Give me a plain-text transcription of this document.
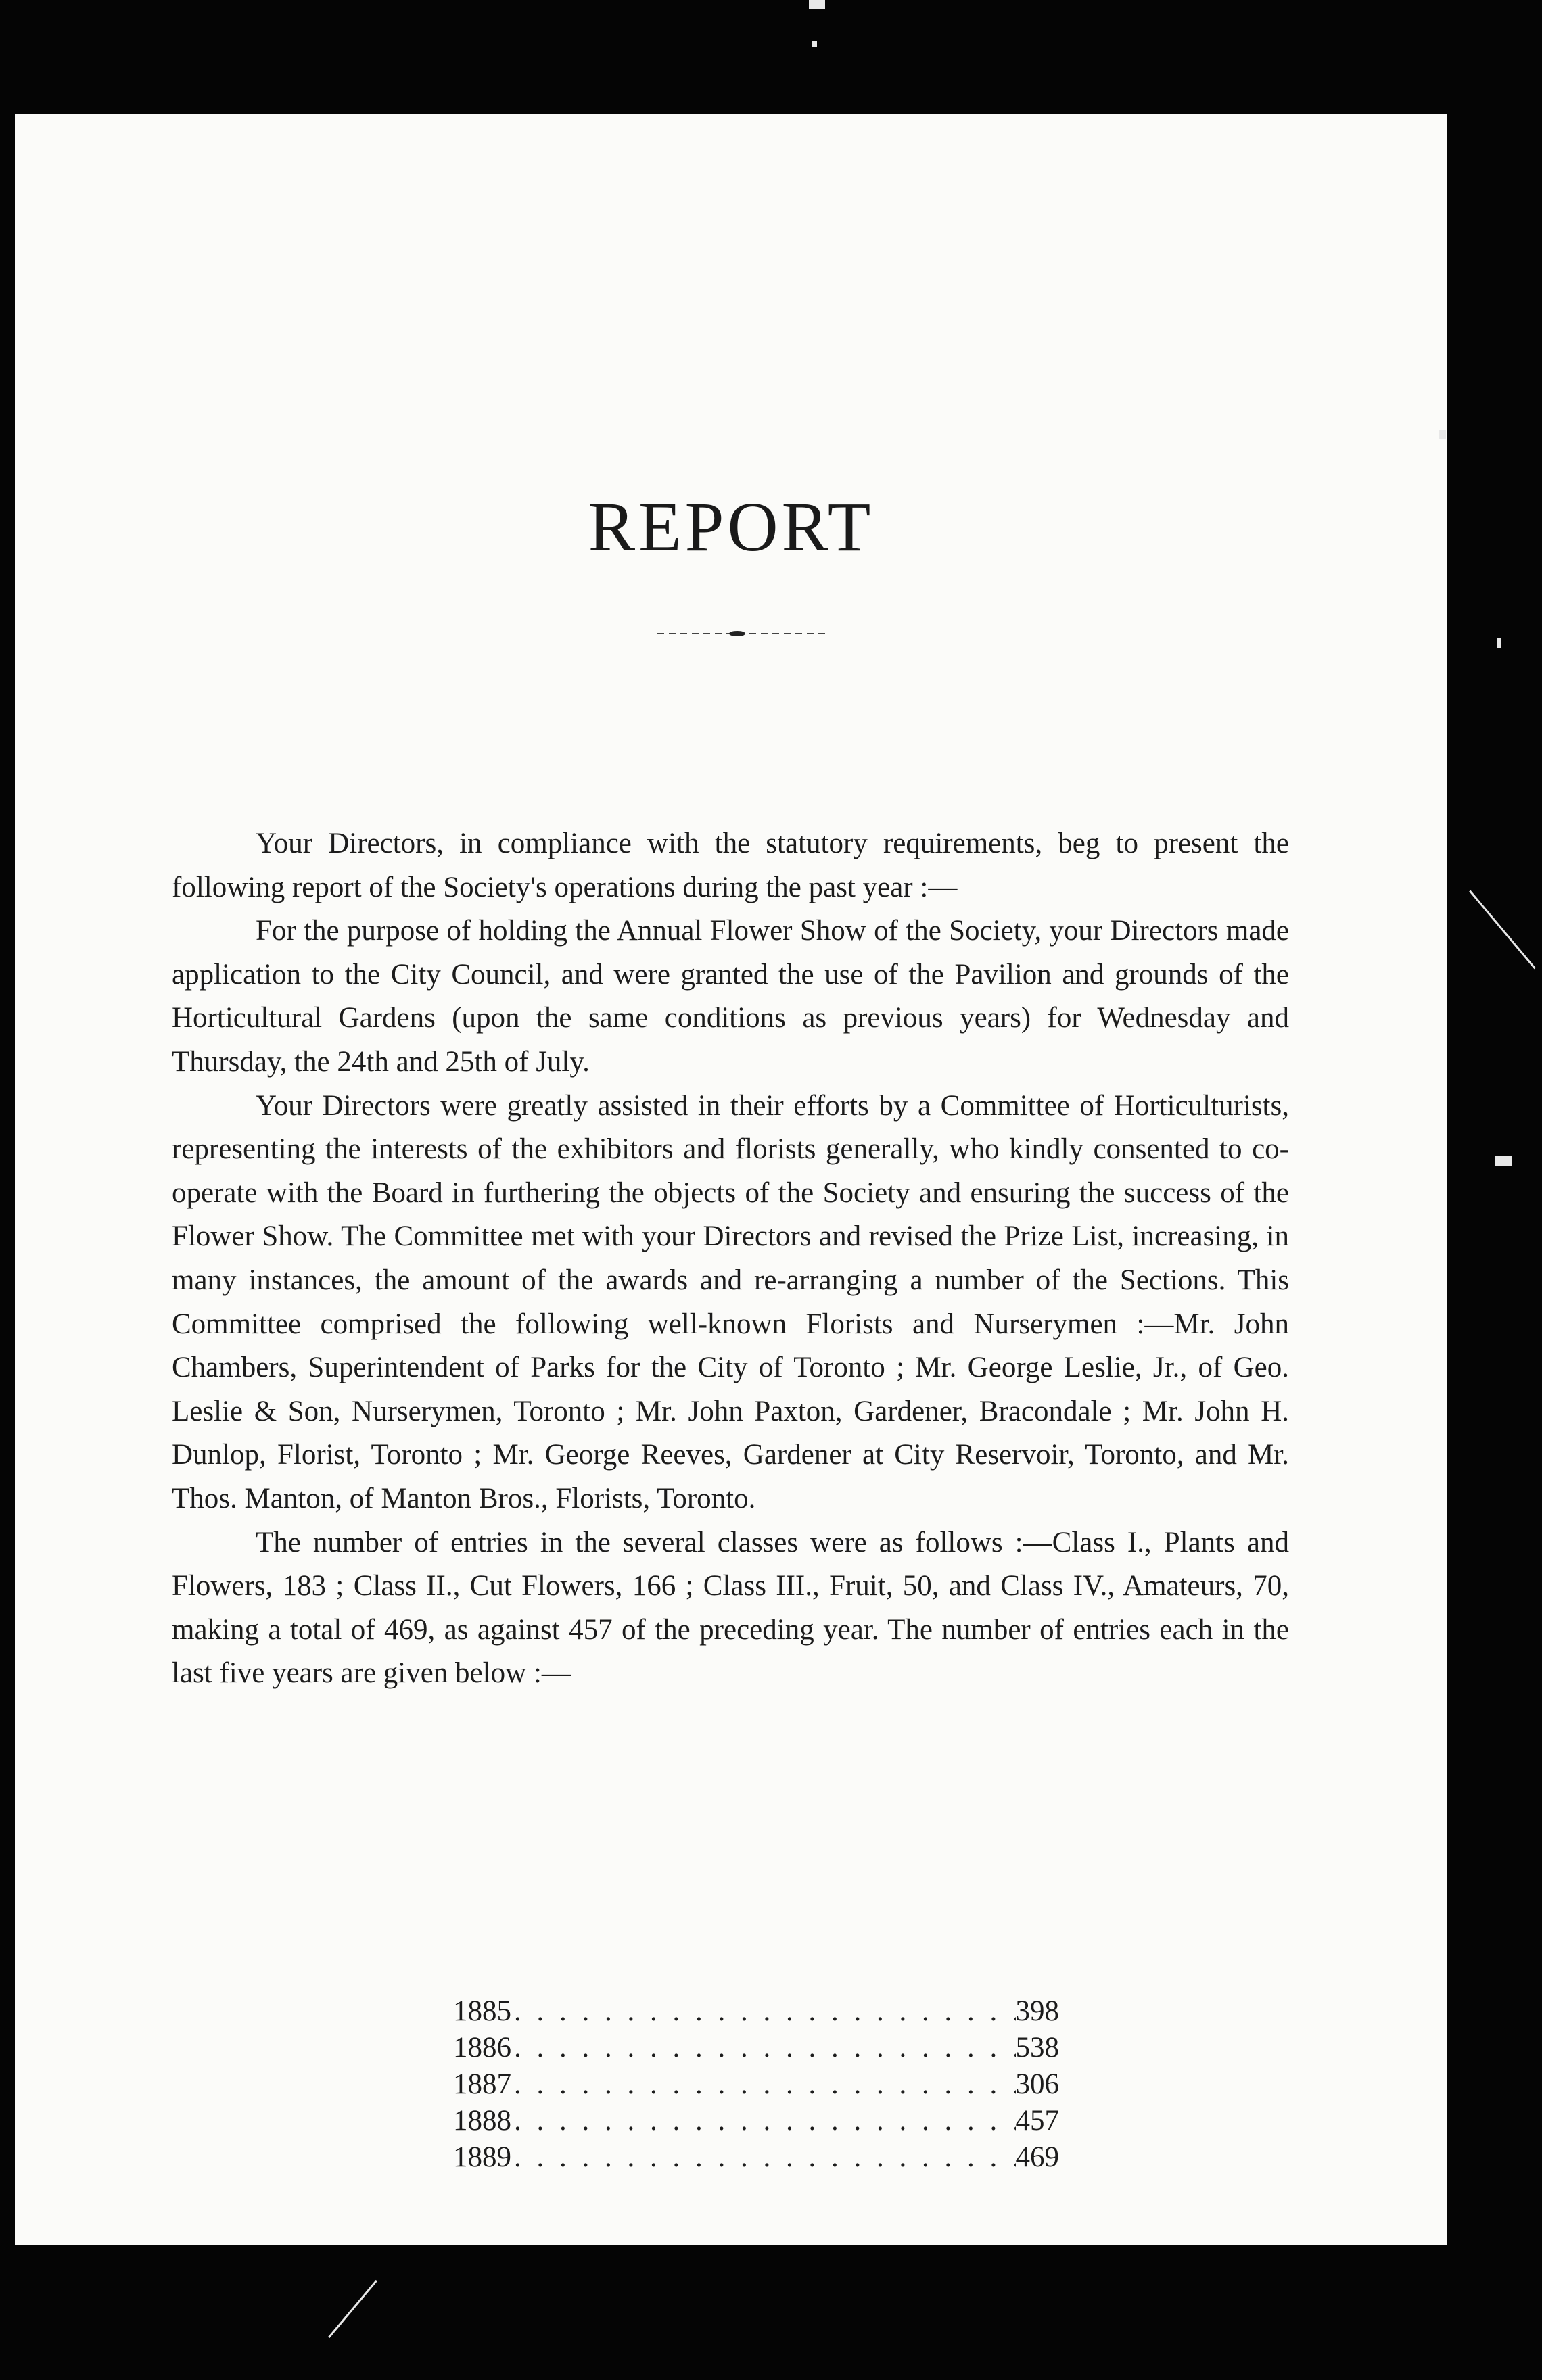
REPORT

Your Directors, in compliance with the statutory requirements, beg to present the following report of the Society's operations during the past year :—

For the purpose of holding the Annual Flower Show of the Society, your Directors made application to the City Council, and were granted the use of the Pavilion and grounds of the Horticultural Gardens (upon the same conditions as previous years) for Wednesday and Thursday, the 24th and 25th of July.

Your Directors were greatly assisted in their efforts by a Committee of Horticulturists, representing the interests of the exhibitors and florists generally, who kindly consented to co-operate with the Board in furthering the objects of the Society and ensuring the success of the Flower Show. The Committee met with your Directors and revised the Prize List, increasing, in many instances, the amount of the awards and re-arranging a number of the Sections. This Committee comprised the following well-known Florists and Nurserymen :—Mr. John Chambers, Superintendent of Parks for the City of Toronto ; Mr. George Leslie, Jr., of Geo. Leslie & Son, Nurserymen, Toronto ; Mr. John Paxton, Gardener, Bracondale ; Mr. John H. Dunlop, Florist, Toronto ; Mr. George Reeves, Gardener at City Reservoir, Toronto, and Mr. Thos. Manton, of Manton Bros., Florists, Toronto.

The number of entries in the several classes were as follows :—Class I., Plants and Flowers, 183 ; Class II., Cut Flowers, 166 ; Class III., Fruit, 50, and Class IV., Amateurs, 70, making a total of 469, as against 457 of the preceding year. The number of entries each in the last five years are given below :—

1885 . . .	398
1886 . . .	538
1887 . . .	306
1888 . . .	457
1889 . . .	469
